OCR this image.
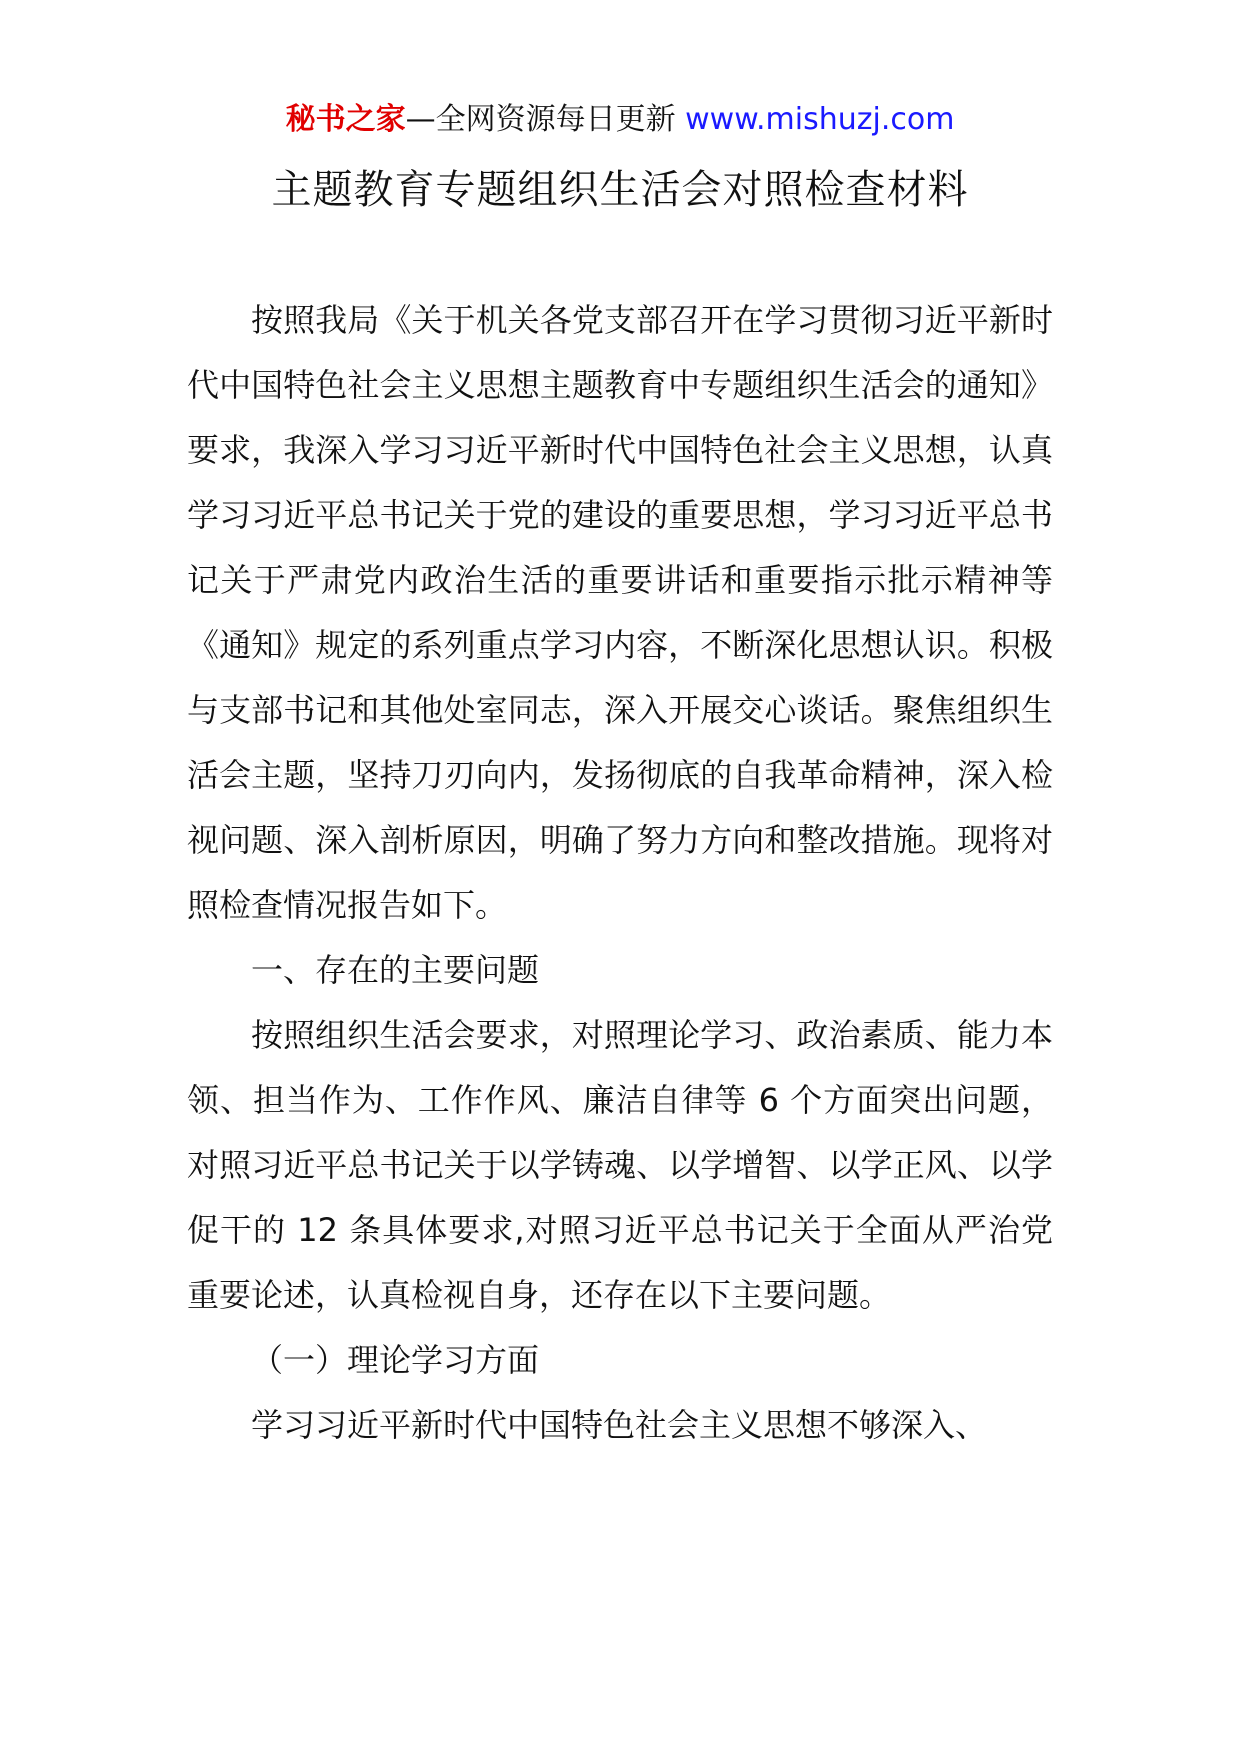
秘书之家—全网资源每日更新 www.mishuzj.com
主题教育专题组织生活会对照检查材料

按照我局《关于机关各党支部召开在学习贯彻习近平新时代中国特色社会主义思想主题教育中专题组织生活会的通知》要求，我深入学习习近平新时代中国特色社会主义思想，认真学习习近平总书记关于党的建设的重要思想，学习习近平总书记关于严肃党内政治生活的重要讲话和重要指示批示精神等《通知》规定的系列重点学习内容，不断深化思想认识。积极与支部书记和其他处室同志，深入开展交心谈话。聚焦组织生活会主题，坚持刀刃向内，发扬彻底的自我革命精神，深入检视问题、深入剖析原因，明确了努力方向和整改措施。现将对照检查情况报告如下。

一、存在的主要问题

按照组织生活会要求，对照理论学习、政治素质、能力本领、担当作为、工作作风、廉洁自律等 6 个方面突出问题，对照习近平总书记关于以学铸魂、以学增智、以学正风、以学促干的 12 条具体要求,对照习近平总书记关于全面从严治党重要论述，认真检视自身，还存在以下主要问题。

（一）理论学习方面

学习习近平新时代中国特色社会主义思想不够深入、
